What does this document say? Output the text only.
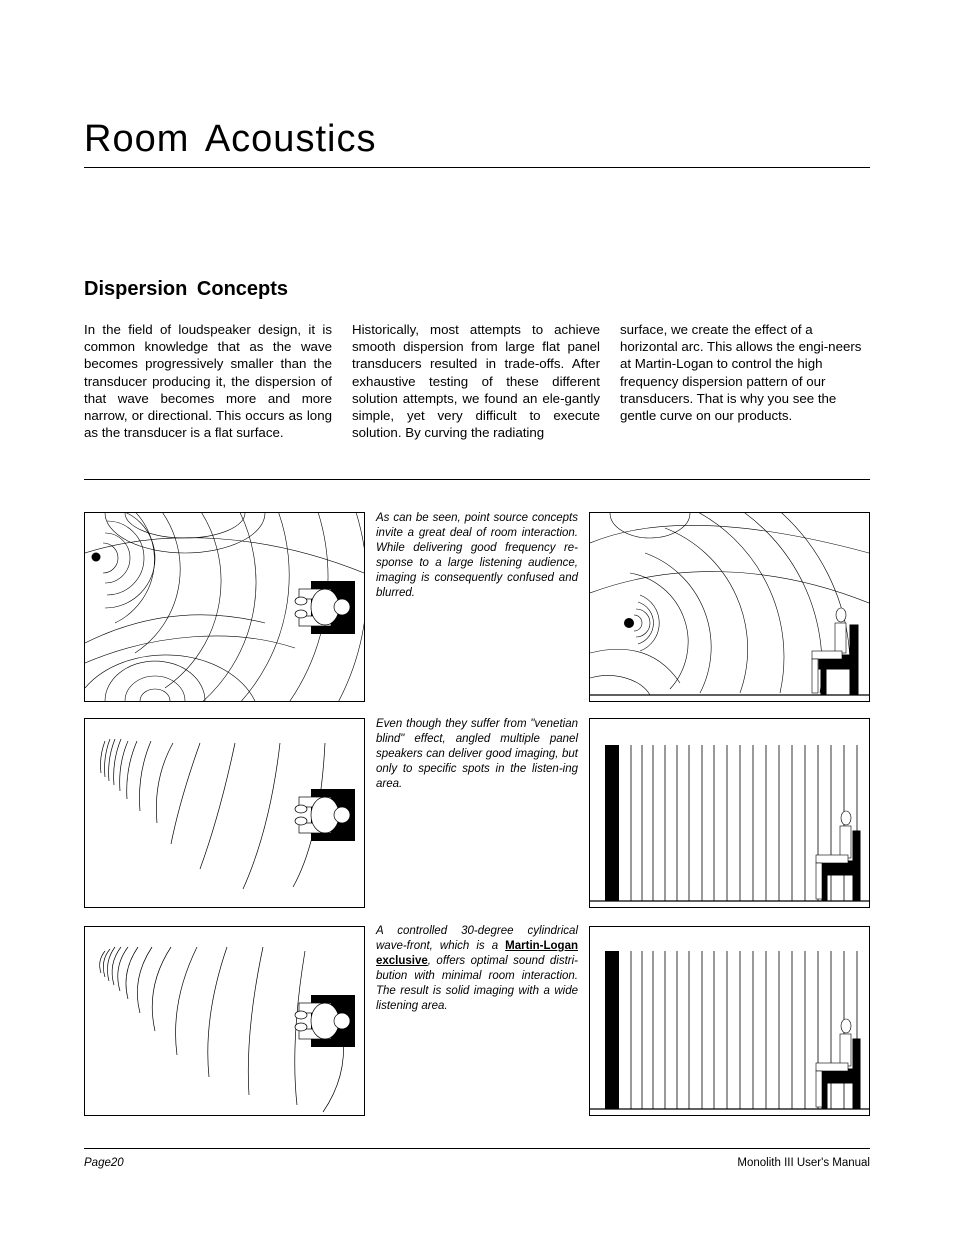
Room Acoustics
Dispersion Concepts

In the field of loudspeaker design, it is common knowledge that as the wave becomes progressively smaller than the transducer producing it, the dispersion of that wave becomes more and more narrow, or directional. This occurs as long as the transducer is a flat surface.

Historically, most attempts to achieve smooth dispersion from large flat panel transducers resulted in trade-offs. After exhaustive testing of these different solution attempts, we found an ele-gantly simple, yet very difficult to execute solution. By curving the radiating

surface, we create the effect of a horizontal arc. This allows the engi-neers at Martin-Logan to control the high frequency dispersion pattern of our transducers. That is why you see the gentle curve on our products.

As can be seen, point source concepts invite a great deal of room interaction. While delivering good frequency re-sponse to a large listening audience, imaging is consequently confused and blurred.
Even though they suffer from "venetian blind" effect, angled multiple panel speakers can deliver good imaging, but only to specific spots in the listen-ing area.
A controlled 30-degree cylindrical wave-front, which is a Martin-Logan exclusive, offers optimal sound distri-bution with minimal room interaction. The result is solid imaging with a wide listening area.
Page20	Monolith III User's Manual
